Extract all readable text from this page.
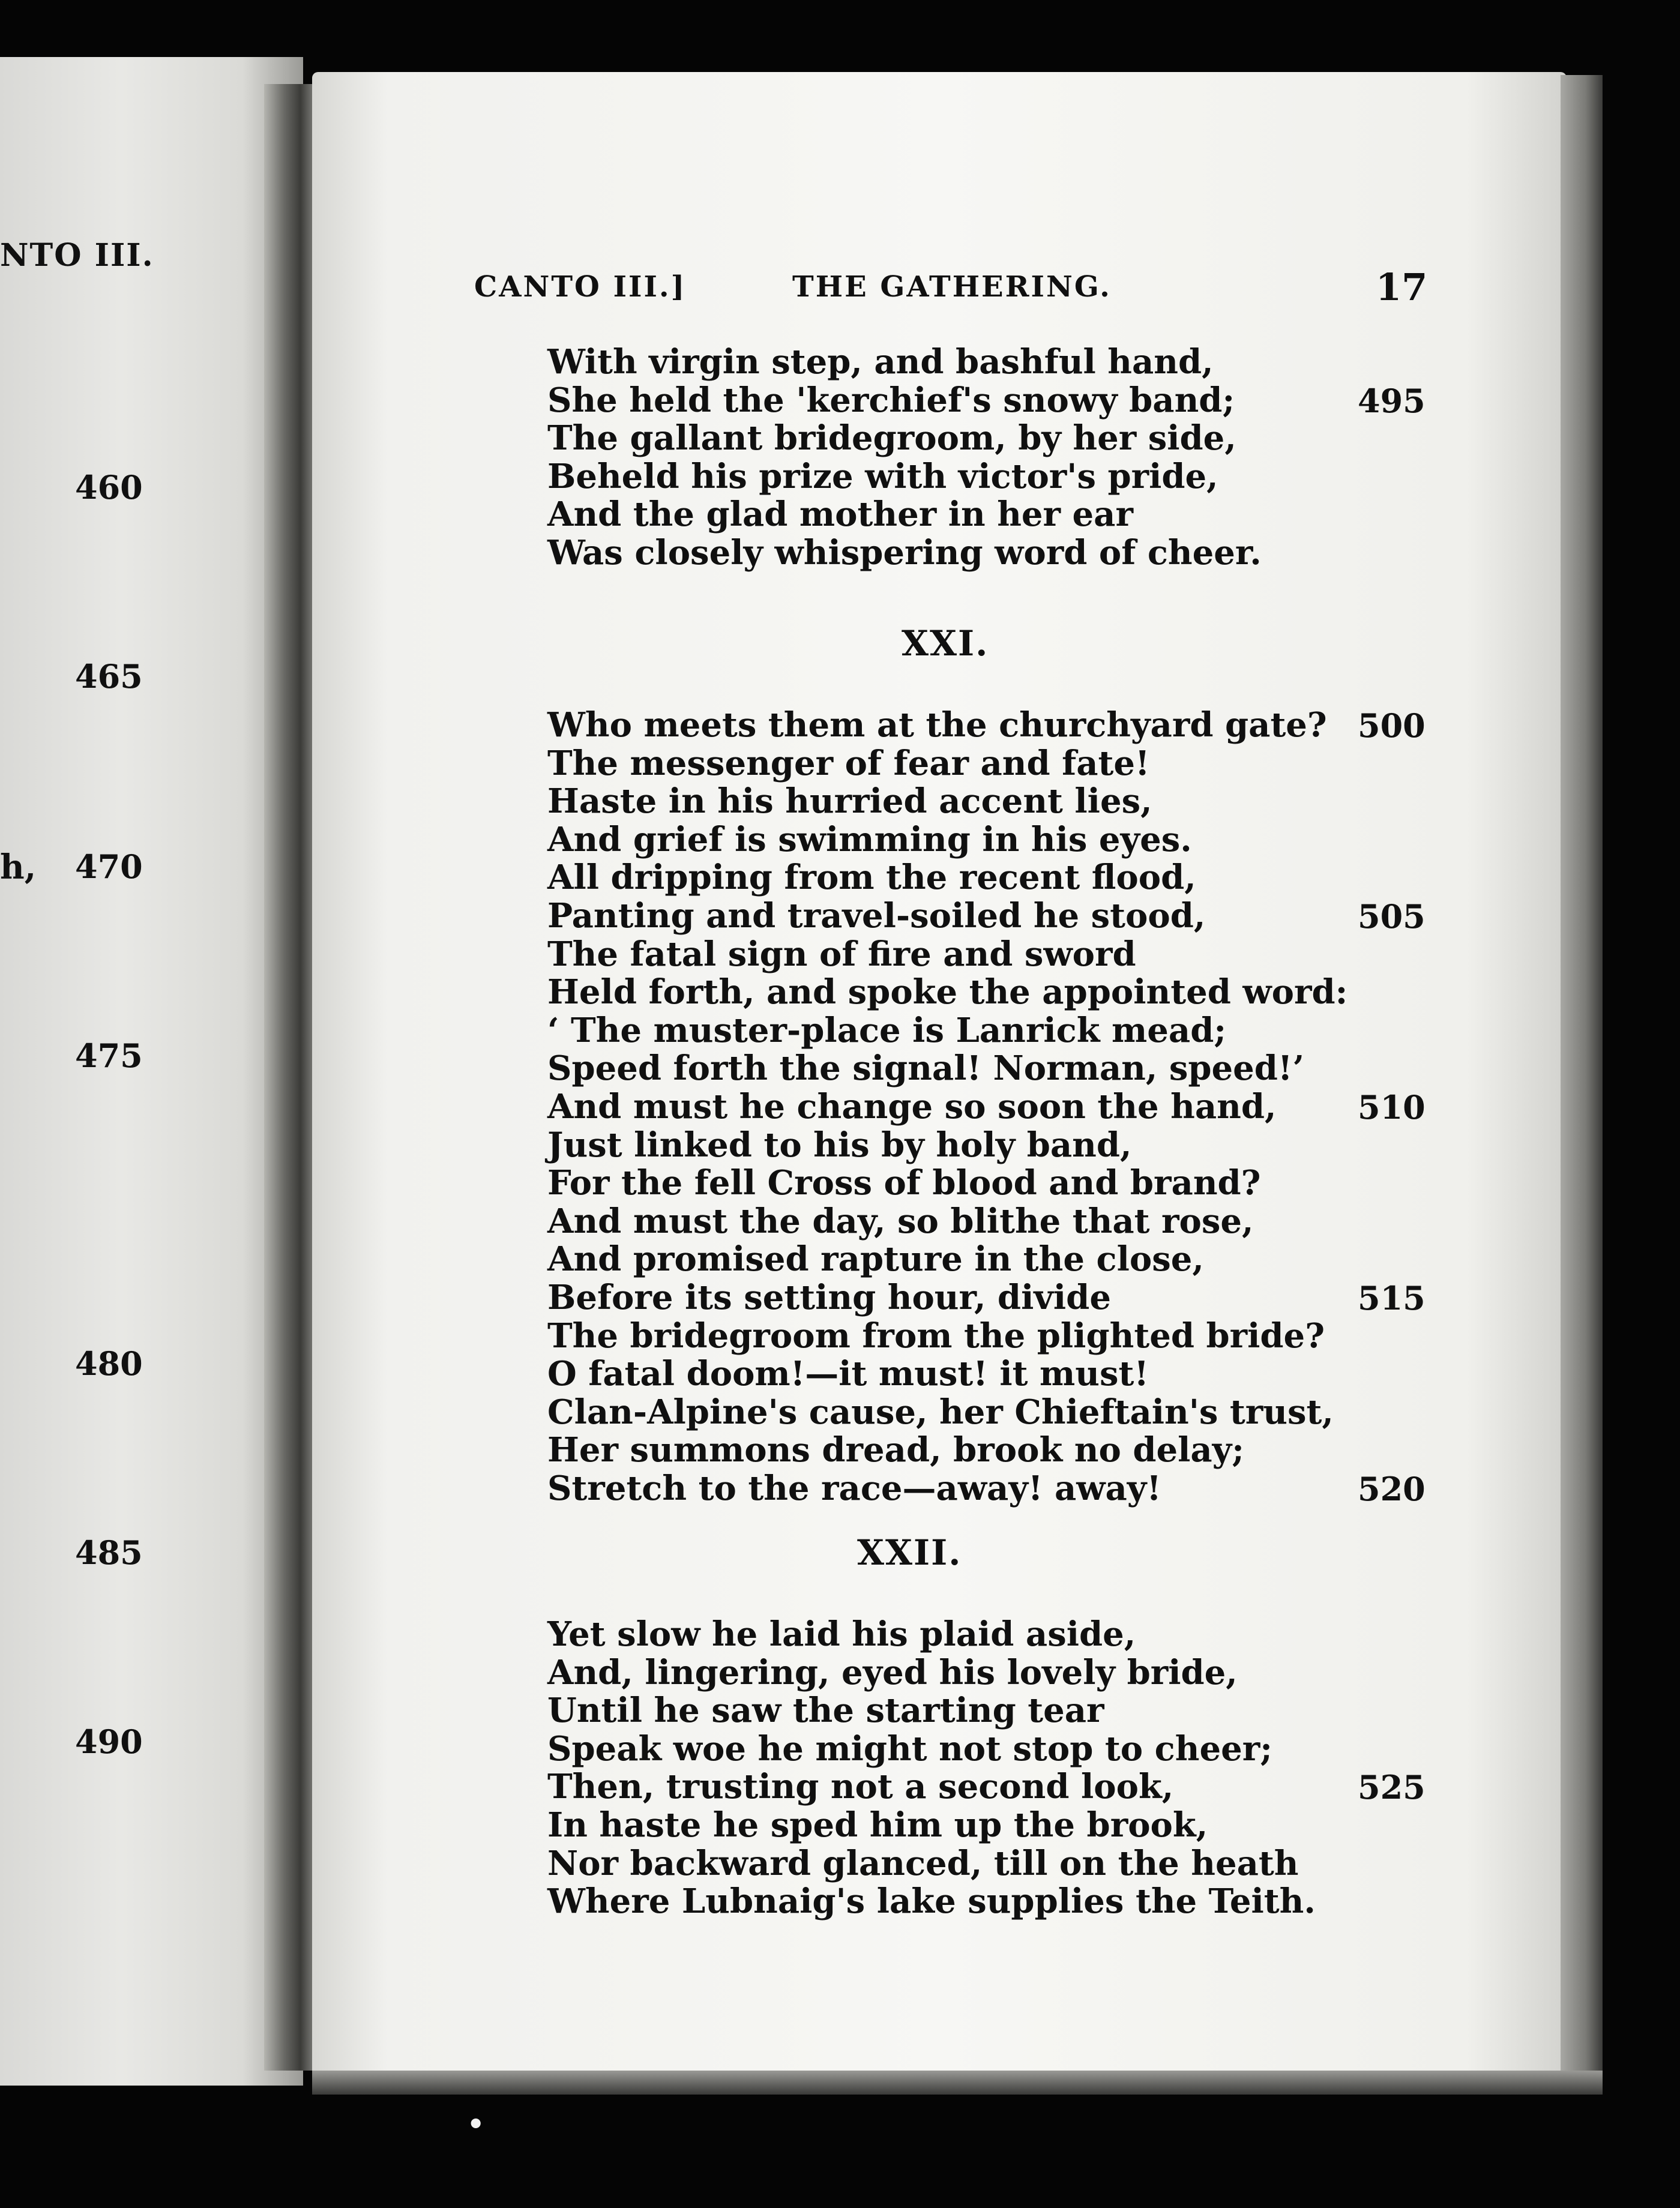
NTO III.
460
465
470
h,
475
480
485
490
CANTO III.]	THE GATHERING.	17
With virgin step, and bashful hand,
She held the 'kerchief's snowy band;	495
The gallant bridegroom, by her side,
Beheld his prize with victor's pride,
And the glad mother in her ear
Was closely whispering word of cheer.
XXI.
Who meets them at the churchyard gate? 500
The messenger of fear and fate!
Haste in his hurried accent lies,
And grief is swimming in his eyes.
All dripping from the recent flood,
Panting and travel-soiled he stood,	505
The fatal sign of fire and sword
Held forth, and spoke the appointed word:
‘ The muster-place is Lanrick mead;
Speed forth the signal! Norman, speed!’
And must he change so soon the hand,	510
Just linked to his by holy band,
For the fell Cross of blood and brand?
And must the day, so blithe that rose,
And promised rapture in the close,
Before its setting hour, divide	515
The bridegroom from the plighted bride?
O fatal doom!—it must! it must!
Clan-Alpine's cause, her Chieftain's trust,
Her summons dread, brook no delay;
Stretch to the race—away! away!	520
XXII.
Yet slow he laid his plaid aside,
And, lingering, eyed his lovely bride,
Until he saw the starting tear
Speak woe he might not stop to cheer;
Then, trusting not a second look,	525
In haste he sped him up the brook,
Nor backward glanced, till on the heath
Where Lubnaig's lake supplies the Teith.
•
